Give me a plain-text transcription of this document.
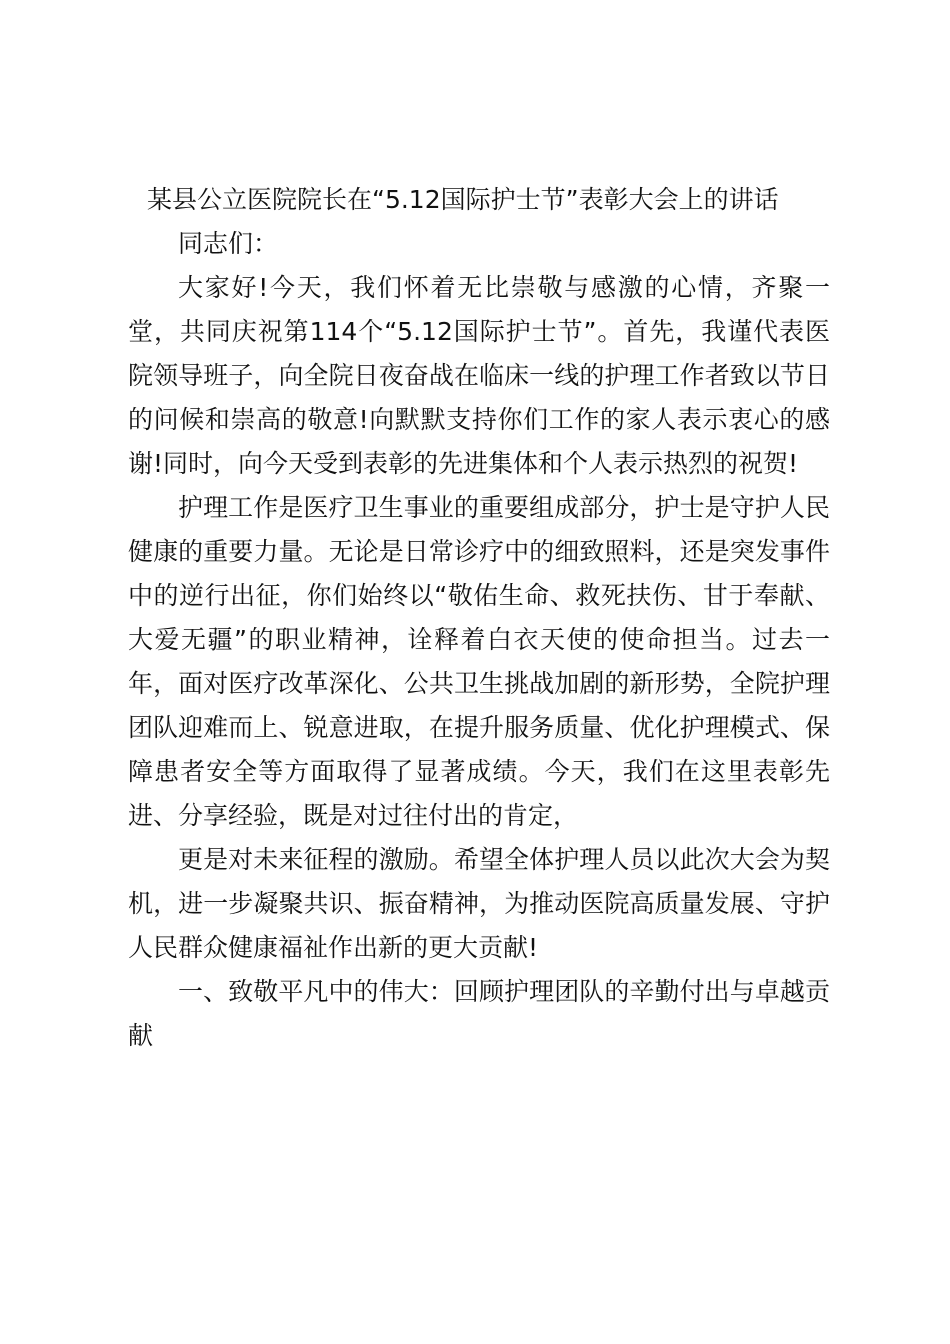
某县公立医院院长在“5.12国际护士节”表彰大会上的讲话

同志们：

大家好!今天，我们怀着无比崇敬与感激的心情，齐聚一堂，共同庆祝第114个“5.12国际护士节”。首先，我谨代表医院领导班子，向全院日夜奋战在临床一线的护理工作者致以节日的问候和崇高的敬意!向默默支持你们工作的家人表示衷心的感谢!同时，向今天受到表彰的先进集体和个人表示热烈的祝贺!

护理工作是医疗卫生事业的重要组成部分，护士是守护人民健康的重要力量。无论是日常诊疗中的细致照料，还是突发事件中的逆行出征，你们始终以“敬佑生命、救死扶伤、甘于奉献、大爱无疆”的职业精神，诠释着白衣天使的使命担当。过去一年，面对医疗改革深化、公共卫生挑战加剧的新形势，全院护理团队迎难而上、锐意进取，在提升服务质量、优化护理模式、保障患者安全等方面取得了显著成绩。今天，我们在这里表彰先进、分享经验，既是对过往付出的肯定，

更是对未来征程的激励。希望全体护理人员以此次大会为契机，进一步凝聚共识、振奋精神，为推动医院高质量发展、守护人民群众健康福祉作出新的更大贡献!

一、致敬平凡中的伟大：回顾护理团队的辛勤付出与卓越贡献
